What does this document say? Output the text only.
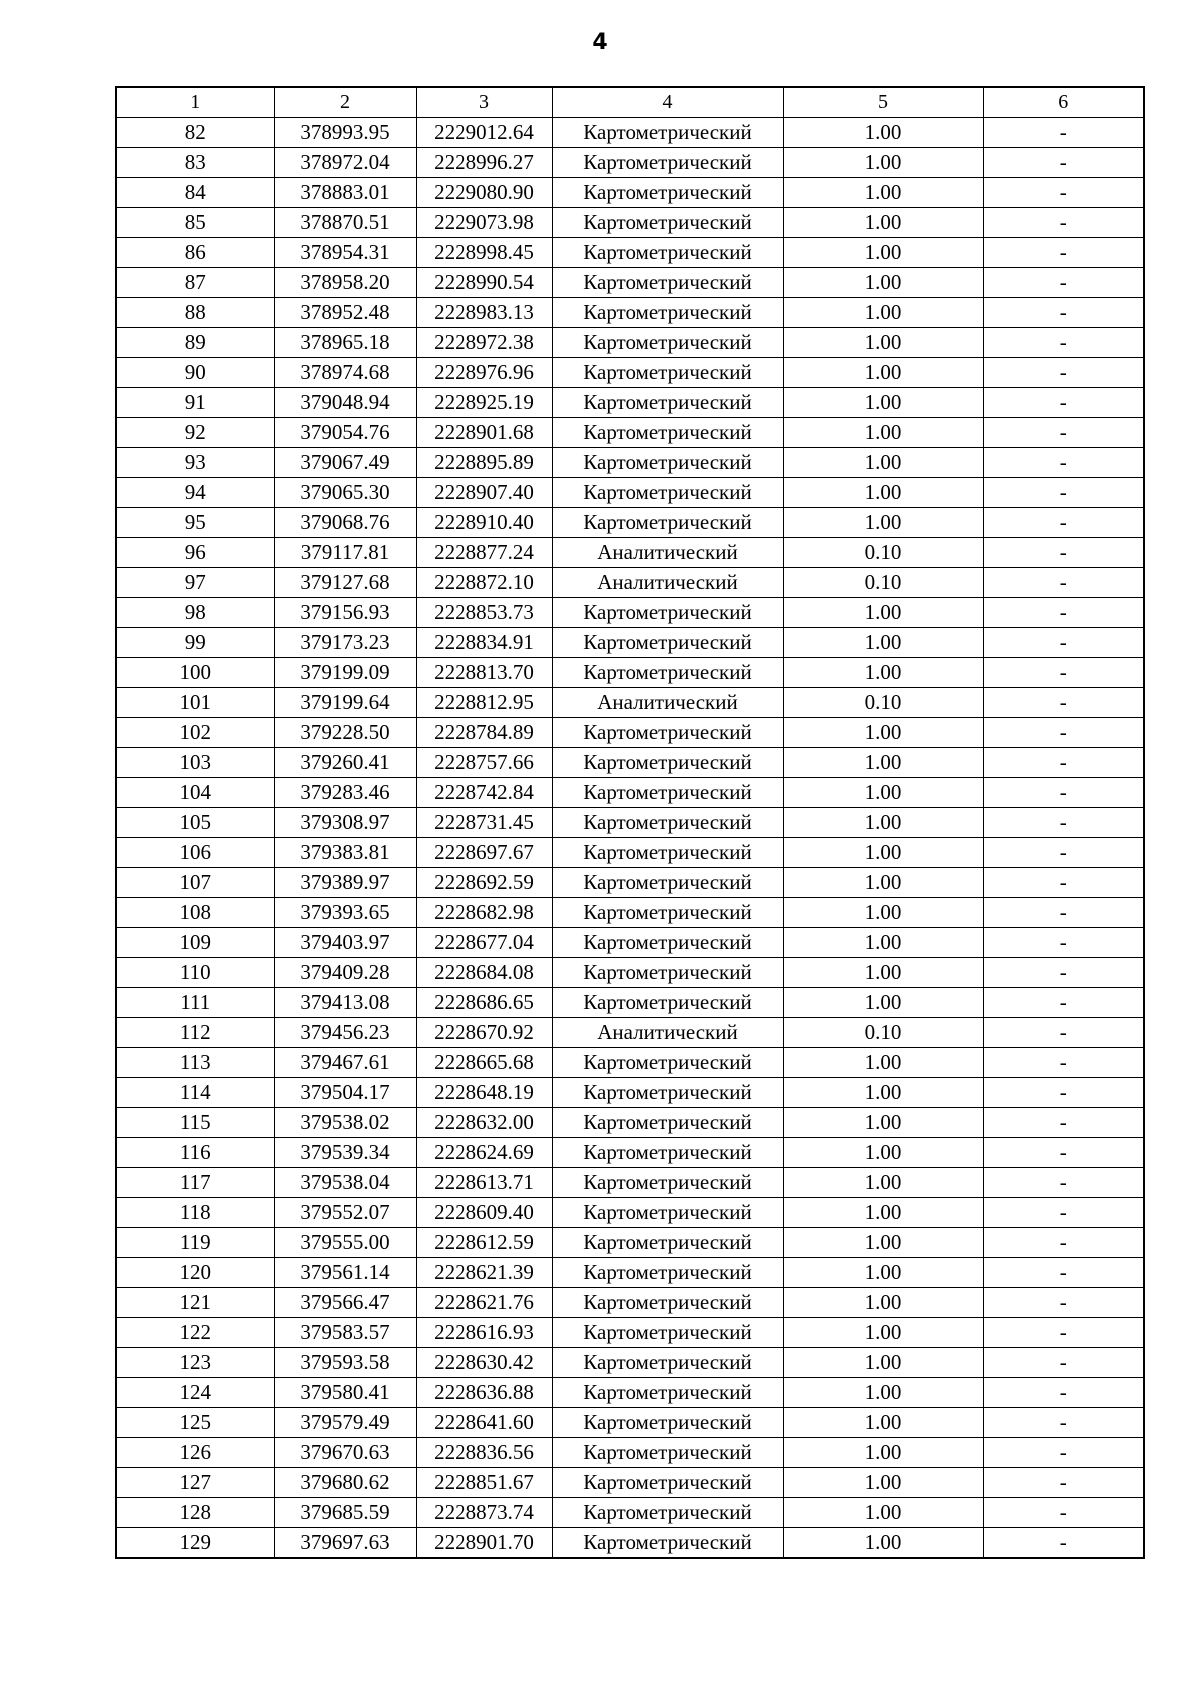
4
1	2	3	4	5	6
82	378993.95	2229012.64	Картометрический	1.00	-
83	378972.04	2228996.27	Картометрический	1.00	-
84	378883.01	2229080.90	Картометрический	1.00	-
85	378870.51	2229073.98	Картометрический	1.00	-
86	378954.31	2228998.45	Картометрический	1.00	-
87	378958.20	2228990.54	Картометрический	1.00	-
88	378952.48	2228983.13	Картометрический	1.00	-
89	378965.18	2228972.38	Картометрический	1.00	-
90	378974.68	2228976.96	Картометрический	1.00	-
91	379048.94	2228925.19	Картометрический	1.00	-
92	379054.76	2228901.68	Картометрический	1.00	-
93	379067.49	2228895.89	Картометрический	1.00	-
94	379065.30	2228907.40	Картометрический	1.00	-
95	379068.76	2228910.40	Картометрический	1.00	-
96	379117.81	2228877.24	Аналитический	0.10	-
97	379127.68	2228872.10	Аналитический	0.10	-
98	379156.93	2228853.73	Картометрический	1.00	-
99	379173.23	2228834.91	Картометрический	1.00	-
100	379199.09	2228813.70	Картометрический	1.00	-
101	379199.64	2228812.95	Аналитический	0.10	-
102	379228.50	2228784.89	Картометрический	1.00	-
103	379260.41	2228757.66	Картометрический	1.00	-
104	379283.46	2228742.84	Картометрический	1.00	-
105	379308.97	2228731.45	Картометрический	1.00	-
106	379383.81	2228697.67	Картометрический	1.00	-
107	379389.97	2228692.59	Картометрический	1.00	-
108	379393.65	2228682.98	Картометрический	1.00	-
109	379403.97	2228677.04	Картометрический	1.00	-
110	379409.28	2228684.08	Картометрический	1.00	-
111	379413.08	2228686.65	Картометрический	1.00	-
112	379456.23	2228670.92	Аналитический	0.10	-
113	379467.61	2228665.68	Картометрический	1.00	-
114	379504.17	2228648.19	Картометрический	1.00	-
115	379538.02	2228632.00	Картометрический	1.00	-
116	379539.34	2228624.69	Картометрический	1.00	-
117	379538.04	2228613.71	Картометрический	1.00	-
118	379552.07	2228609.40	Картометрический	1.00	-
119	379555.00	2228612.59	Картометрический	1.00	-
120	379561.14	2228621.39	Картометрический	1.00	-
121	379566.47	2228621.76	Картометрический	1.00	-
122	379583.57	2228616.93	Картометрический	1.00	-
123	379593.58	2228630.42	Картометрический	1.00	-
124	379580.41	2228636.88	Картометрический	1.00	-
125	379579.49	2228641.60	Картометрический	1.00	-
126	379670.63	2228836.56	Картометрический	1.00	-
127	379680.62	2228851.67	Картометрический	1.00	-
128	379685.59	2228873.74	Картометрический	1.00	-
129	379697.63	2228901.70	Картометрический	1.00	-
